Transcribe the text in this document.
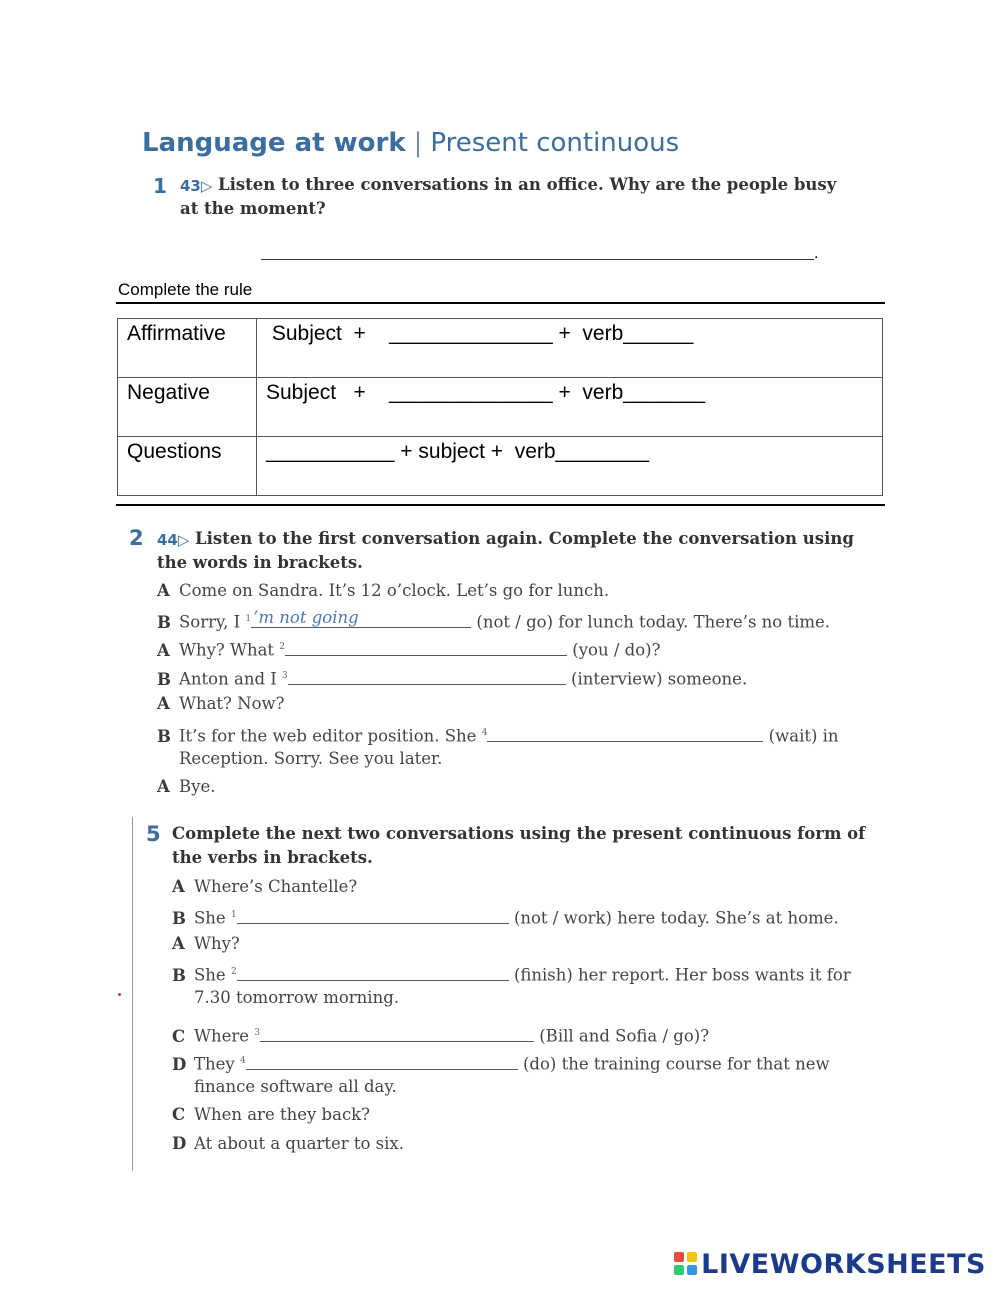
Language at work | Present continuous
1 43▷ Listen to three conversations in an office. Why are the people busy at the moment?
.
Complete the rule
Affirmative	Subject  +    ______________ +  verb______
Negative	Subject   +    ______________ +  verb_______
Questions	___________ + subject +  verb________
2 44▷ Listen to the first conversation again. Complete the conversation using the words in brackets.
A Come on Sandra. It’s 12 o’clock. Let’s go for lunch.
B Sorry, I $^1$ ’m not going	(not / go) for lunch today. There’s no time.
A Why? What $^2$	(you / do)?
B Anton and I $^3$	(interview) someone.
A What? Now?
B It’s for the web editor position. She $^4$	(wait) in
Reception. Sorry. See you later.
A Bye.
5 Complete the next two conversations using the present continuous form of the verbs in brackets.
A Where’s Chantelle?
B She $^1$	(not / work) here today. She’s at home.
A Why?
B She $^2$	(finish) her report. Her boss wants it for
7.30 tomorrow morning.
C Where $^3$	(Bill and Sofia / go)?
D They $^4$	(do) the training course for that new
finance software all day.
C When are they back?
D At about a quarter to six.
LIVEWORKSHEETS
